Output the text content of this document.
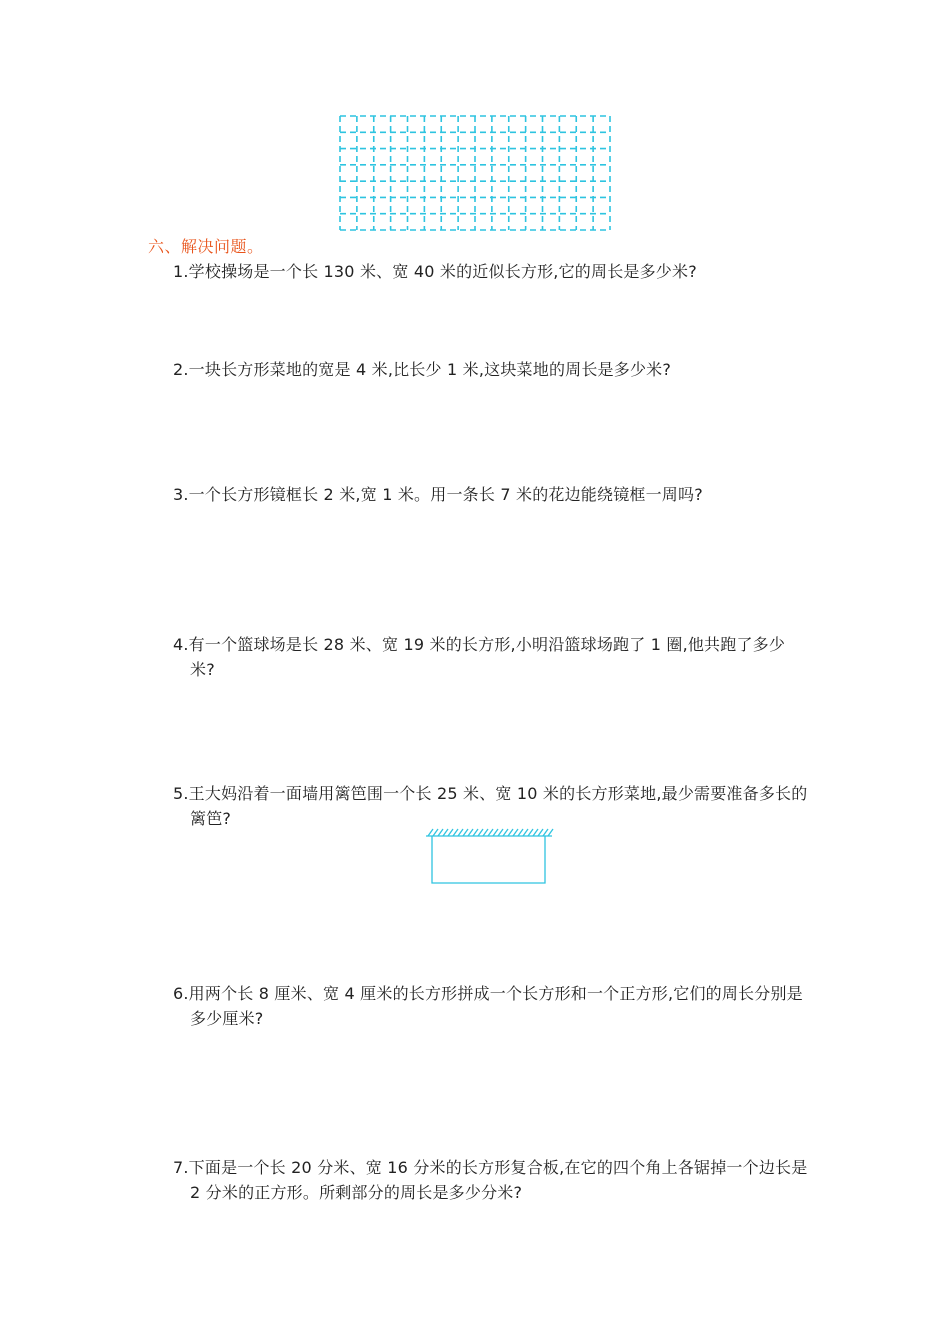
六、解决问题。
1.学校操场是一个长 130 米、宽 40 米的近似长方形,它的周长是多少米?
2.一块长方形菜地的宽是 4 米,比长少 1 米,这块菜地的周长是多少米?
3.一个长方形镜框长 2 米,宽 1 米。用一条长 7 米的花边能绕镜框一周吗?
4.有一个篮球场是长 28 米、宽 19 米的长方形,小明沿篮球场跑了 1 圈,他共跑了多少米?
5.王大妈沿着一面墙用篱笆围一个长 25 米、宽 10 米的长方形菜地,最少需要准备多长的篱笆?
6.用两个长 8 厘米、宽 4 厘米的长方形拼成一个长方形和一个正方形,它们的周长分别是多少厘米?
7.下面是一个长 20 分米、宽 16 分米的长方形复合板,在它的四个角上各锯掉一个边长是 2 分米的正方形。所剩部分的周长是多少分米?
